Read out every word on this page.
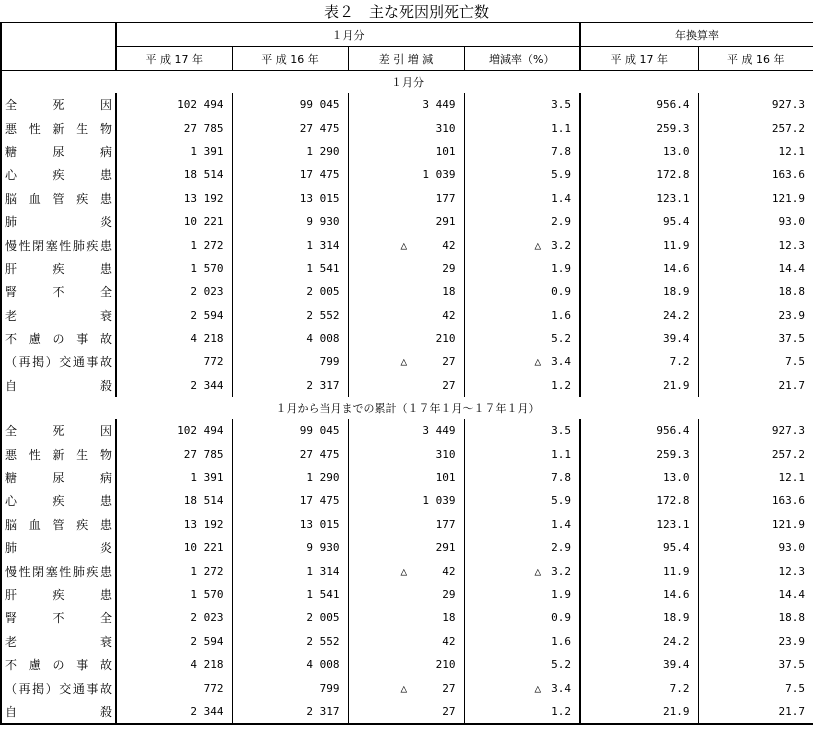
表２　主な死因別死亡数
	１月分				年換算率	
	平 成 17 年	平 成 16 年	差 引 増 減	増減率（%）	平 成 17 年	平 成 16 年
１月分						
全死因	102 494	99 045	3 449	3.5	956.4	927.3
悪性新生物	27 785	27 475	310	1.1	259.3	257.2
糖尿病	1 391	1 290	101	7.8	13.0	12.1
心疾患	18 514	17 475	1 039	5.9	172.8	163.6
脳血管疾患	13 192	13 015	177	1.4	123.1	121.9
肺炎	10 221	9 930	291	2.9	95.4	93.0
慢性閉塞性肺疾患	1 272	1 314	△ 42	△ 3.2	11.9	12.3
肝疾患	1 570	1 541	29	1.9	14.6	14.4
腎不全	2 023	2 005	18	0.9	18.9	18.8
老衰	2 594	2 552	42	1.6	24.2	23.9
不慮の事故	4 218	4 008	210	5.2	39.4	37.5
（再掲）交通事故	772	799	△ 27	△ 3.4	7.2	7.5
自殺	2 344	2 317	27	1.2	21.9	21.7
１月から当月までの累計（１７年１月～１７年１月）						
全死因	102 494	99 045	3 449	3.5	956.4	927.3
悪性新生物	27 785	27 475	310	1.1	259.3	257.2
糖尿病	1 391	1 290	101	7.8	13.0	12.1
心疾患	18 514	17 475	1 039	5.9	172.8	163.6
脳血管疾患	13 192	13 015	177	1.4	123.1	121.9
肺炎	10 221	9 930	291	2.9	95.4	93.0
慢性閉塞性肺疾患	1 272	1 314	△ 42	△ 3.2	11.9	12.3
肝疾患	1 570	1 541	29	1.9	14.6	14.4
腎不全	2 023	2 005	18	0.9	18.9	18.8
老衰	2 594	2 552	42	1.6	24.2	23.9
不慮の事故	4 218	4 008	210	5.2	39.4	37.5
（再掲）交通事故	772	799	△ 27	△ 3.4	7.2	7.5
自殺	2 344	2 317	27	1.2	21.9	21.7
